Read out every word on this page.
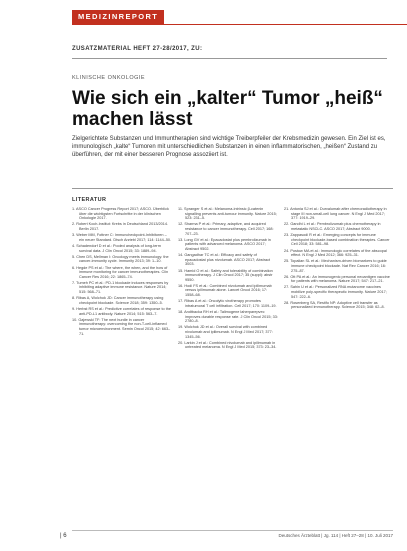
MEDIZINREPORT
ZUSATZMATERIAL HEFT 27-28/2017, ZU:
KLINISCHE ONKOLOGIE
Wie sich ein „kalter“ Tumor „heiß“ machen lässt

Zielgerichtete Substanzen und Immuntherapien sind wichtige Treiberpfeiler der Krebsmedizin gewesen. Ein Ziel ist es, immunologisch „kalte“ Tumoren mit unterschiedlichen Substanzen in einen inflammatorischen, „heißen“ Zustand zu überführen, der mit einer besseren Prognose assoziiert ist.

LITERATUR

1. ASCO Cancer Progress Report 2017; ASCO. Überblick über die wichtigsten Fortschritte in der klinischen Onkologie 2017.

2. Robert Koch-Institut: Krebs in Deutschland 2013/2014. Berlin 2017.

3. Weber MM, Fottner C: Immuncheckpoint-Inhibitoren – ein neuer Standard. Dtsch Arztebl 2017; 114: 1144–50.

4. Schadendorf D et al.: Pooled analysis of long-term survival data. J Clin Oncol 2015; 33: 1889–94.

5. Chen DS, Mellman I: Oncology meets immunology: the cancer-immunity cycle. Immunity 2013; 39: 1–10.

6. Hegde PS et al.: The where, the when, and the how of immune monitoring for cancer immunotherapies. Clin Cancer Res 2016; 22: 1865–74.

7. Tumeh PC et al.: PD-1 blockade induces responses by inhibiting adaptive immune resistance. Nature 2014; 515: 568–71.

8. Ribas A, Wolchok JD: Cancer immunotherapy using checkpoint blockade. Science 2018; 359: 1350–5.

9. Herbst RS et al.: Predictive correlates of response to the anti-PD-L1 antibody. Nature 2014; 515: 563–7.

10. Gajewski TF: The next hurdle in cancer immunotherapy: overcoming the non-T-cell-inflamed tumor microenvironment. Semin Oncol 2015; 42: 663–71.

11. Spranger S et al.: Melanoma-intrinsic β-catenin signalling prevents anti-tumour immunity. Nature 2015; 523: 231–5.

12. Sharma P et al.: Primary, adaptive, and acquired resistance to cancer immunotherapy. Cell 2017; 168: 707–23.

13. Long GV et al.: Epacadostat plus pembrolizumab in patients with advanced melanoma. ASCO 2017; Abstract 9502.

14. Gangadhar TC et al.: Efficacy and safety of epacadostat plus nivolumab. ASCO 2017; Abstract 3003.

15. Hamid O et al.: Safety and tolerability of combination immunotherapy. J Clin Oncol 2017; 35 (suppl): abstr 9550.

16. Hodi FS et al.: Combined nivolumab and ipilimumab versus ipilimumab alone. Lancet Oncol 2016; 17: 1558–68.

17. Ribas A et al.: Oncolytic virotherapy promotes intratumoral T cell infiltration. Cell 2017; 170: 1109–19.

18. Andtbacka RH et al.: Talimogene laherparepvec improves durable response rate. J Clin Oncol 2015; 33: 2780–8.

19. Wolchok JD et al.: Overall survival with combined nivolumab and ipilimumab. N Engl J Med 2017; 377: 1345–56.

20. Larkin J et al.: Combined nivolumab and ipilimumab in untreated melanoma. N Engl J Med 2015; 373: 23–34.

21. Antonia SJ et al.: Durvalumab after chemoradiotherapy in stage III non-small-cell lung cancer. N Engl J Med 2017; 377: 1919–29.

22. Gandhi L et al.: Pembrolizumab plus chemotherapy in metastatic NSCLC. ASCO 2017; Abstract 9000.

23. Zappasodi R et al.: Emerging concepts for immune checkpoint blockade-based combination therapies. Cancer Cell 2018; 33: 581–98.

24. Postow MA et al.: Immunologic correlates of the abscopal effect. N Engl J Med 2012; 366: 925–31.

25. Topalian SL et al.: Mechanism-driven biomarkers to guide immune checkpoint blockade. Nat Rev Cancer 2016; 16: 275–87.

26. Ott PA et al.: An immunogenic personal neoantigen vaccine for patients with melanoma. Nature 2017; 547: 217–21.

27. Sahin U et al.: Personalized RNA mutanome vaccines mobilize poly-specific therapeutic immunity. Nature 2017; 547: 222–6.

28. Rosenberg SA, Restifo NP: Adoptive cell transfer as personalized immunotherapy. Science 2015; 348: 62–8.

| 6	Deutsches Ärzteblatt | Jg. 114 | Heft 27–28 | 10. Juli 2017
